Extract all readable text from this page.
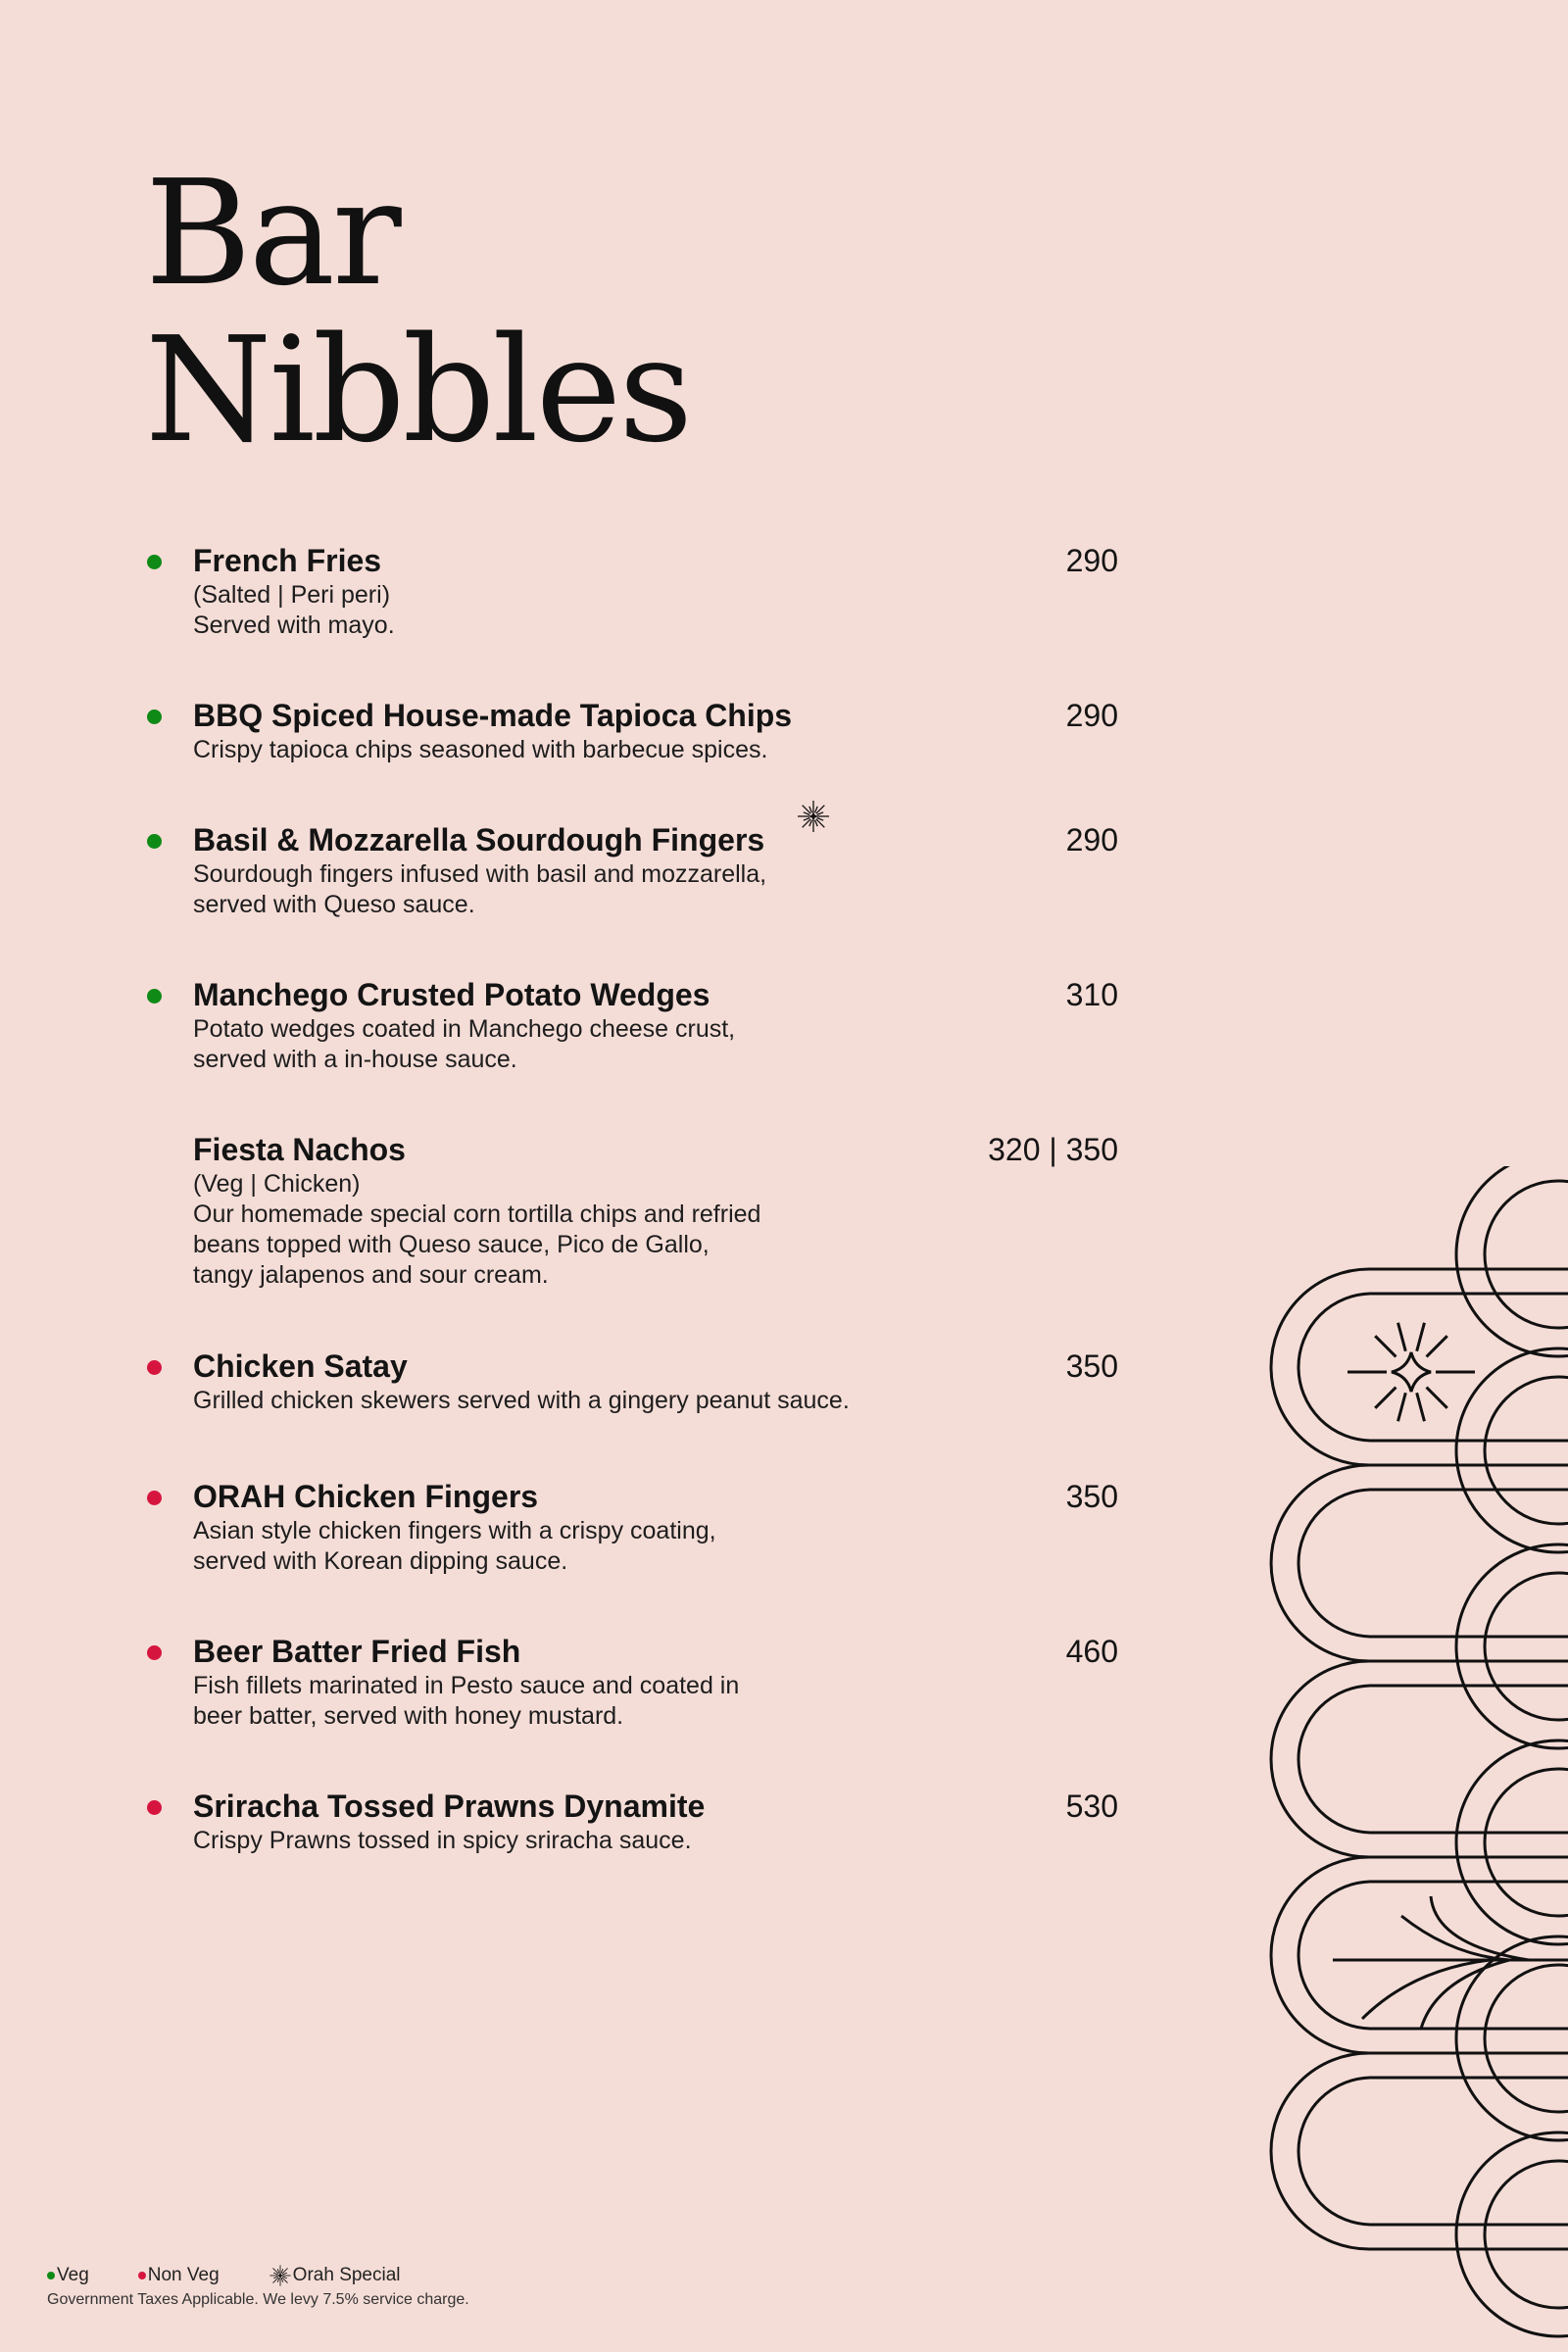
Bar
Nibbles
French Fries	290
(Salted | Peri peri)
Served with mayo.
BBQ Spiced House-made Tapioca Chips	290
Crispy tapioca chips seasoned with barbecue spices.
Basil & Mozzarella Sourdough Fingers	290
Sourdough fingers infused with basil and mozzarella,
served with Queso sauce.
Manchego Crusted Potato Wedges	310
Potato wedges coated in Manchego cheese crust,
served with a in-house sauce.
Fiesta Nachos	320 | 350
(Veg | Chicken)
Our homemade special corn tortilla chips and refried
beans topped with Queso sauce, Pico de Gallo,
tangy jalapenos and sour cream.
Chicken Satay	350
Grilled chicken skewers served with a gingery peanut sauce.
ORAH Chicken Fingers	350
Asian style chicken fingers with a crispy coating,
served with Korean dipping sauce.
Beer Batter Fried Fish	460
Fish fillets marinated in Pesto sauce and coated in
beer batter, served with honey mustard.
Sriracha Tossed Prawns Dynamite	530
Crispy Prawns tossed in spicy sriracha sauce.
Veg	Non Veg	Orah Special
Government Taxes Applicable. We levy 7.5% service charge.
